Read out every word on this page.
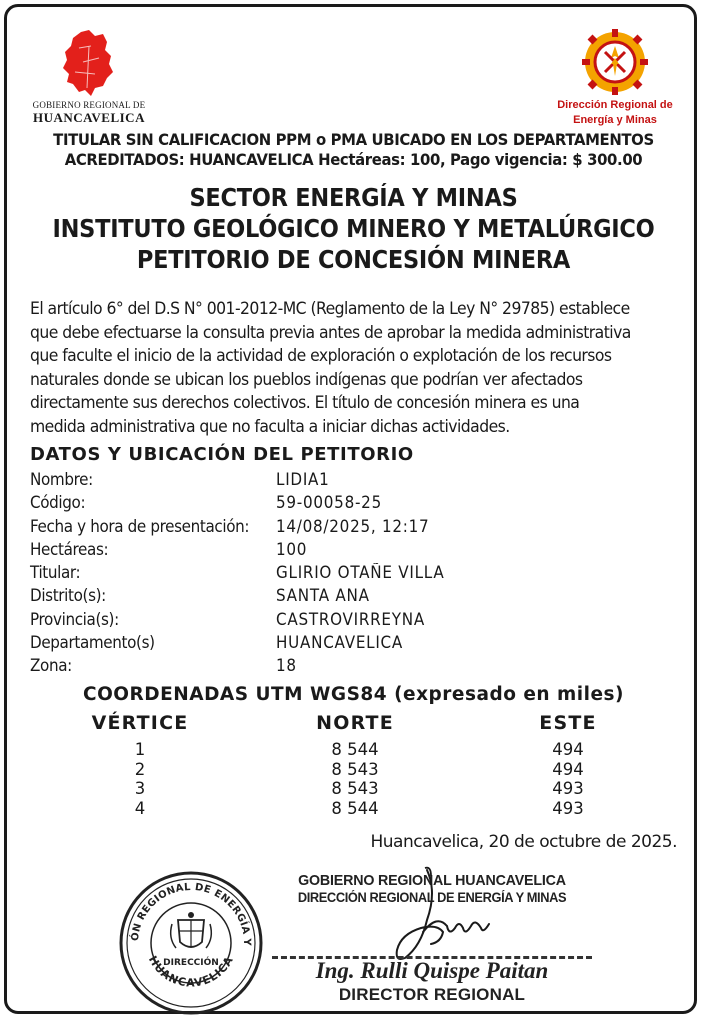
GOBIERNO REGIONAL DE
HUANCAVELICA
Dirección Regional de
Energía y Minas
TITULAR SIN CALIFICACION PPM o PMA UBICADO EN LOS DEPARTAMENTOS
ACREDITADOS: HUANCAVELICA Hectáreas: 100, Pago vigencia: $ 300.00
SECTOR ENERGÍA Y MINAS
INSTITUTO GEOLÓGICO MINERO Y METALÚRGICO
PETITORIO DE CONCESIÓN MINERA
El artículo 6° del D.S N° 001-2012-MC (Reglamento de la Ley N° 29785) establece
que debe efectuarse la consulta previa antes de aprobar la medida administrativa
que faculte el inicio de la actividad de exploración o explotación de los recursos
naturales donde se ubican los pueblos indígenas que podrían ver afectados
directamente sus derechos colectivos. El título de concesión minera es una
medida administrativa que no faculta a iniciar dichas actividades.
DATOS Y UBICACIÓN DEL PETITORIO
Nombre:	LIDIA1
Código:	59-00058-25
Fecha y hora de presentación: 14/08/2025, 12:17
Hectáreas:	100
Titular:	GLIRIO OTAÑE VILLA
Distrito(s):	SANTA ANA
Provincia(s):	CASTROVIRREYNA
Departamento(s)	HUANCAVELICA
Zona:	18
COORDENADAS UTM WGS84 (expresado en miles)
VÉRTICE	NORTE	ESTE
1	8 544	494
2	8 543	494
3	8 543	493
4	8 544	493
Huancavelica, 20 de octubre de 2025.
ÓN REGIONAL DE ENERGÍA Y
HUANCAVELICA
DIRECCIÓN
GOBIERNO REGIONAL HUANCAVELICA
DIRECCIÓN REGIONAL DE ENERGÍA Y MINAS
Ing. Rulli Quispe Paitan
DIRECTOR REGIONAL
